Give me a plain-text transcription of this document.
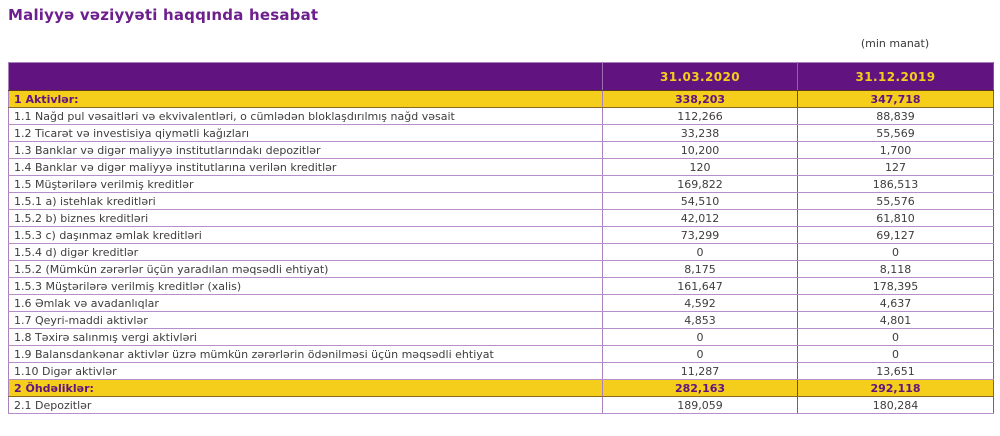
Maliyyə vəziyyəti haqqında hesabat
(min manat)
	31.03.2020	31.12.2019
1 Aktivlər:	338,203	347,718
1.1 Nağd pul vəsaitləri və ekvivalentləri, o cümlədən bloklaşdırılmış nağd vəsait	112,266	88,839
1.2 Ticarət və investisiya qiymətli kağızları	33,238	55,569
1.3 Banklar və digər maliyyə institutlarındakı depozitlər	10,200	1,700
1.4 Banklar və digər maliyyə institutlarına verilən kreditlər	120	127
1.5 Müştərilərə verilmiş kreditlər	169,822	186,513
1.5.1 a) istehlak kreditləri	54,510	55,576
1.5.2 b) biznes kreditləri	42,012	61,810
1.5.3 c) daşınmaz əmlak kreditləri	73,299	69,127
1.5.4 d) digər kreditlər	0	0
1.5.2 (Mümkün zərərlər üçün yaradılan məqsədli ehtiyat)	8,175	8,118
1.5.3 Müştərilərə verilmiş kreditlər (xalis)	161,647	178,395
1.6 Əmlak və avadanlıqlar	4,592	4,637
1.7 Qeyri-maddi aktivlər	4,853	4,801
1.8 Təxirə salınmış vergi aktivləri	0	0
1.9 Balansdankənar aktivlər üzrə mümkün zərərlərin ödənilməsi üçün məqsədli ehtiyat	0	0
1.10 Digər aktivlər	11,287	13,651
2 Öhdəliklər:	282,163	292,118
2.1 Depozitlər	189,059	180,284
